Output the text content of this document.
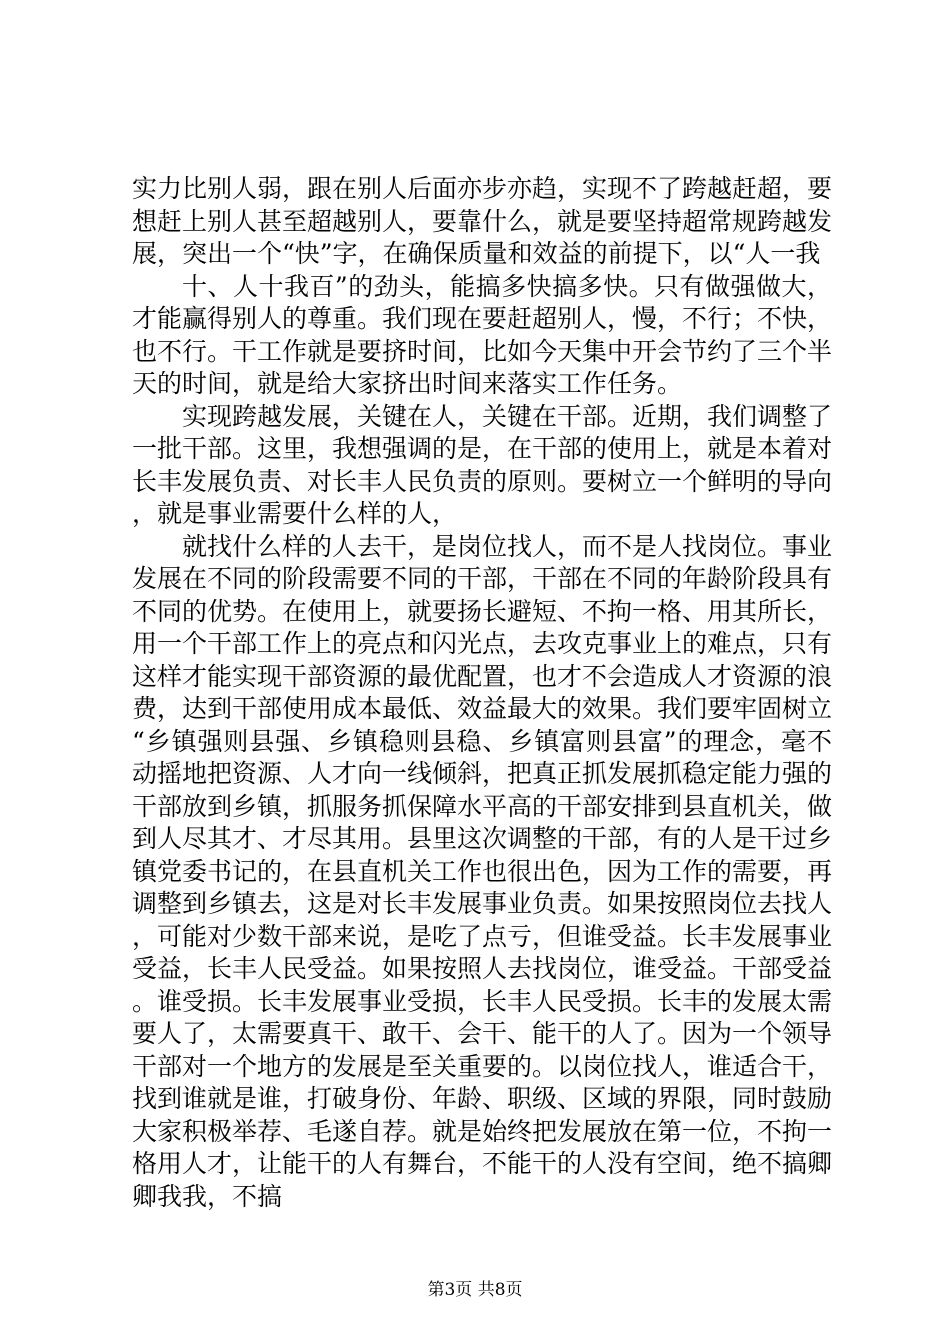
实力比别人弱，跟在别人后面亦步亦趋，实现不了跨越赶超，要想赶上别人甚至超越别人，要靠什么，就是要坚持超常规跨越发展，突出一个“快”字，在确保质量和效益的前提下，以“人一我

十、人十我百”的劲头，能搞多快搞多快。只有做强做大，才能赢得别人的尊重。我们现在要赶超别人，慢，不行；不快，也不行。干工作就是要挤时间，比如今天集中开会节约了三个半天的时间，就是给大家挤出时间来落实工作任务。

实现跨越发展，关键在人，关键在干部。近期，我们调整了一批干部。这里，我想强调的是，在干部的使用上，就是本着对长丰发展负责、对长丰人民负责的原则。要树立一个鲜明的导向，就是事业需要什么样的人，

就找什么样的人去干，是岗位找人，而不是人找岗位。事业发展在不同的阶段需要不同的干部，干部在不同的年龄阶段具有不同的优势。在使用上，就要扬长避短、不拘一格、用其所长，用一个干部工作上的亮点和闪光点，去攻克事业上的难点，只有这样才能实现干部资源的最优配置，也才不会造成人才资源的浪费，达到干部使用成本最低、效益最大的效果。我们要牢固树立“乡镇强则县强、乡镇稳则县稳、乡镇富则县富”的理念，毫不动摇地把资源、人才向一线倾斜，把真正抓发展抓稳定能力强的干部放到乡镇，抓服务抓保障水平高的干部安排到县直机关，做到人尽其才、才尽其用。县里这次调整的干部，有的人是干过乡镇党委书记的，在县直机关工作也很出色，因为工作的需要，再调整到乡镇去，这是对长丰发展事业负责。如果按照岗位去找人，可能对少数干部来说，是吃了点亏，但谁受益。长丰发展事业受益，长丰人民受益。如果按照人去找岗位，谁受益。干部受益。谁受损。长丰发展事业受损，长丰人民受损。长丰的发展太需要人了，太需要真干、敢干、会干、能干的人了。因为一个领导干部对一个地方的发展是至关重要的。以岗位找人，谁适合干，找到谁就是谁，打破身份、年龄、职级、区域的界限，同时鼓励大家积极举荐、毛遂自荐。就是始终把发展放在第一位，不拘一格用人才，让能干的人有舞台，不能干的人没有空间，绝不搞卿卿我我，不搞

第3页 共8页
